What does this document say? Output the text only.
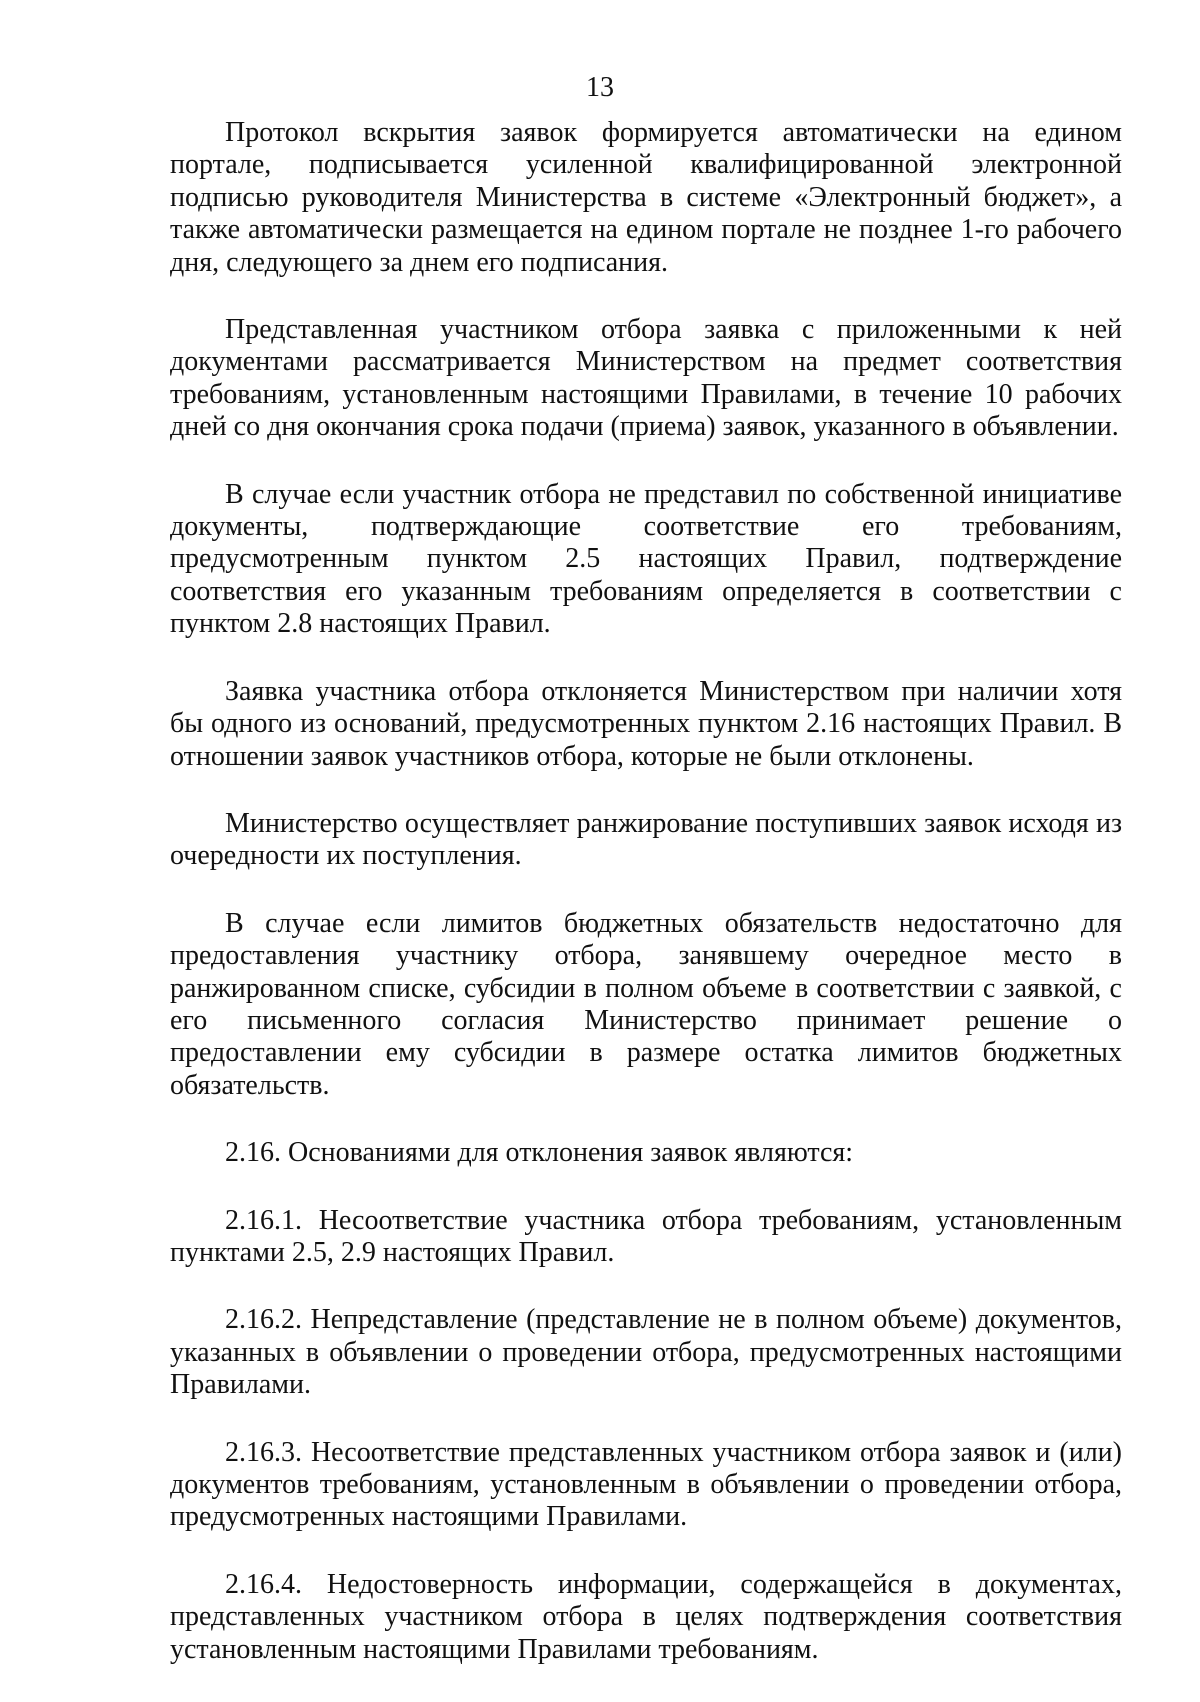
13

Протокол вскрытия заявок формируется автоматически на едином портале, подписывается усиленной квалифицированной электронной подписью руководителя Министерства в системе «Электронный бюджет», а также автоматически размещается на едином портале не позднее 1-го рабочего дня, следующего за днем его подписания.

Представленная участником отбора заявка с приложенными к ней документами рассматривается Министерством на предмет соответствия требованиям, установленным настоящими Правилами, в течение 10 рабочих дней со дня окончания срока подачи (приема) заявок, указанного в объявлении.

В случае если участник отбора не представил по собственной инициативе документы, подтверждающие соответствие его требованиям, предусмотренным пунктом 2.5 настоящих Правил, подтверждение соответствия его указанным требованиям определяется в соответствии с пунктом 2.8 настоящих Правил.

Заявка участника отбора отклоняется Министерством при наличии хотя бы одного из оснований, предусмотренных пунктом 2.16 настоящих Правил. В отношении заявок участников отбора, которые не были отклонены.

Министерство осуществляет ранжирование поступивших заявок исходя из очередности их поступления.

В случае если лимитов бюджетных обязательств недостаточно для предоставления участнику отбора, занявшему очередное место в ранжированном списке, субсидии в полном объеме в соответствии с заявкой, с его письменного согласия Министерство принимает решение о предоставлении ему субсидии в размере остатка лимитов бюджетных обязательств.

2.16. Основаниями для отклонения заявок являются:

2.16.1. Несоответствие участника отбора требованиям, установленным пунктами 2.5, 2.9 настоящих Правил.

2.16.2. Непредставление (представление не в полном объеме) документов, указанных в объявлении о проведении отбора, предусмотренных настоящими Правилами.

2.16.3. Несоответствие представленных участником отбора заявок и (или) документов требованиям, установленным в объявлении о проведении отбора, предусмотренных настоящими Правилами.

2.16.4. Недостоверность информации, содержащейся в документах, представленных участником отбора в целях подтверждения соответствия установленным настоящими Правилами требованиям.
